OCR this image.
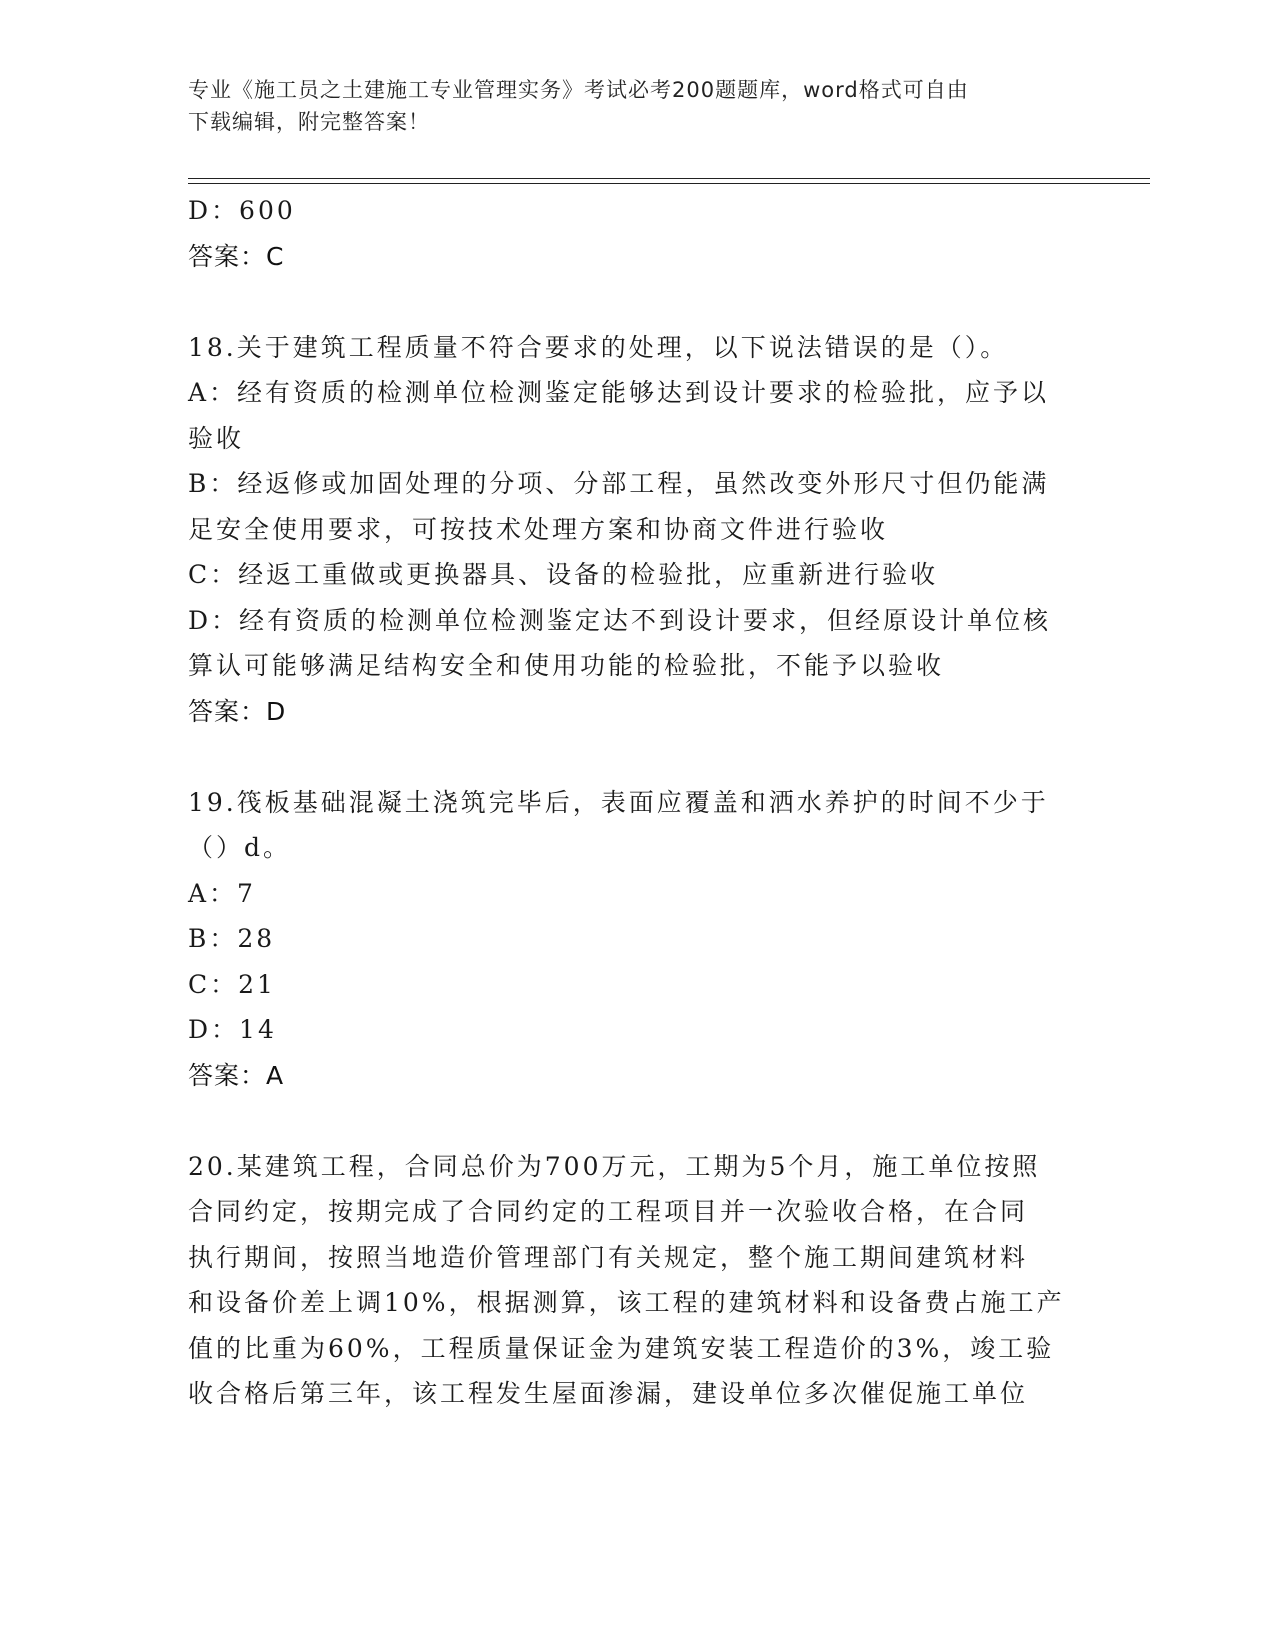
专业《施工员之土建施工专业管理实务》考试必考200题题库，word格式可自由
下载编辑，附完整答案！
D：600
答案：C
18.关于建筑工程质量不符合要求的处理，以下说法错误的是（）。
A：经有资质的检测单位检测鉴定能够达到设计要求的检验批，应予以
验收
B：经返修或加固处理的分项、分部工程，虽然改变外形尺寸但仍能满
足安全使用要求，可按技术处理方案和协商文件进行验收
C：经返工重做或更换器具、设备的检验批，应重新进行验收
D：经有资质的检测单位检测鉴定达不到设计要求，但经原设计单位核
算认可能够满足结构安全和使用功能的检验批，不能予以验收
答案：D
19.筏板基础混凝土浇筑完毕后，表面应覆盖和洒水养护的时间不少于
（）d。
A：7
B：28
C：21
D：14
答案：A
20.某建筑工程，合同总价为700万元，工期为5个月，施工单位按照
合同约定，按期完成了合同约定的工程项目并一次验收合格，在合同
执行期间，按照当地造价管理部门有关规定，整个施工期间建筑材料
和设备价差上调10%，根据测算，该工程的建筑材料和设备费占施工产
值的比重为60%，工程质量保证金为建筑安装工程造价的3%，竣工验
收合格后第三年，该工程发生屋面渗漏，建设单位多次催促施工单位
